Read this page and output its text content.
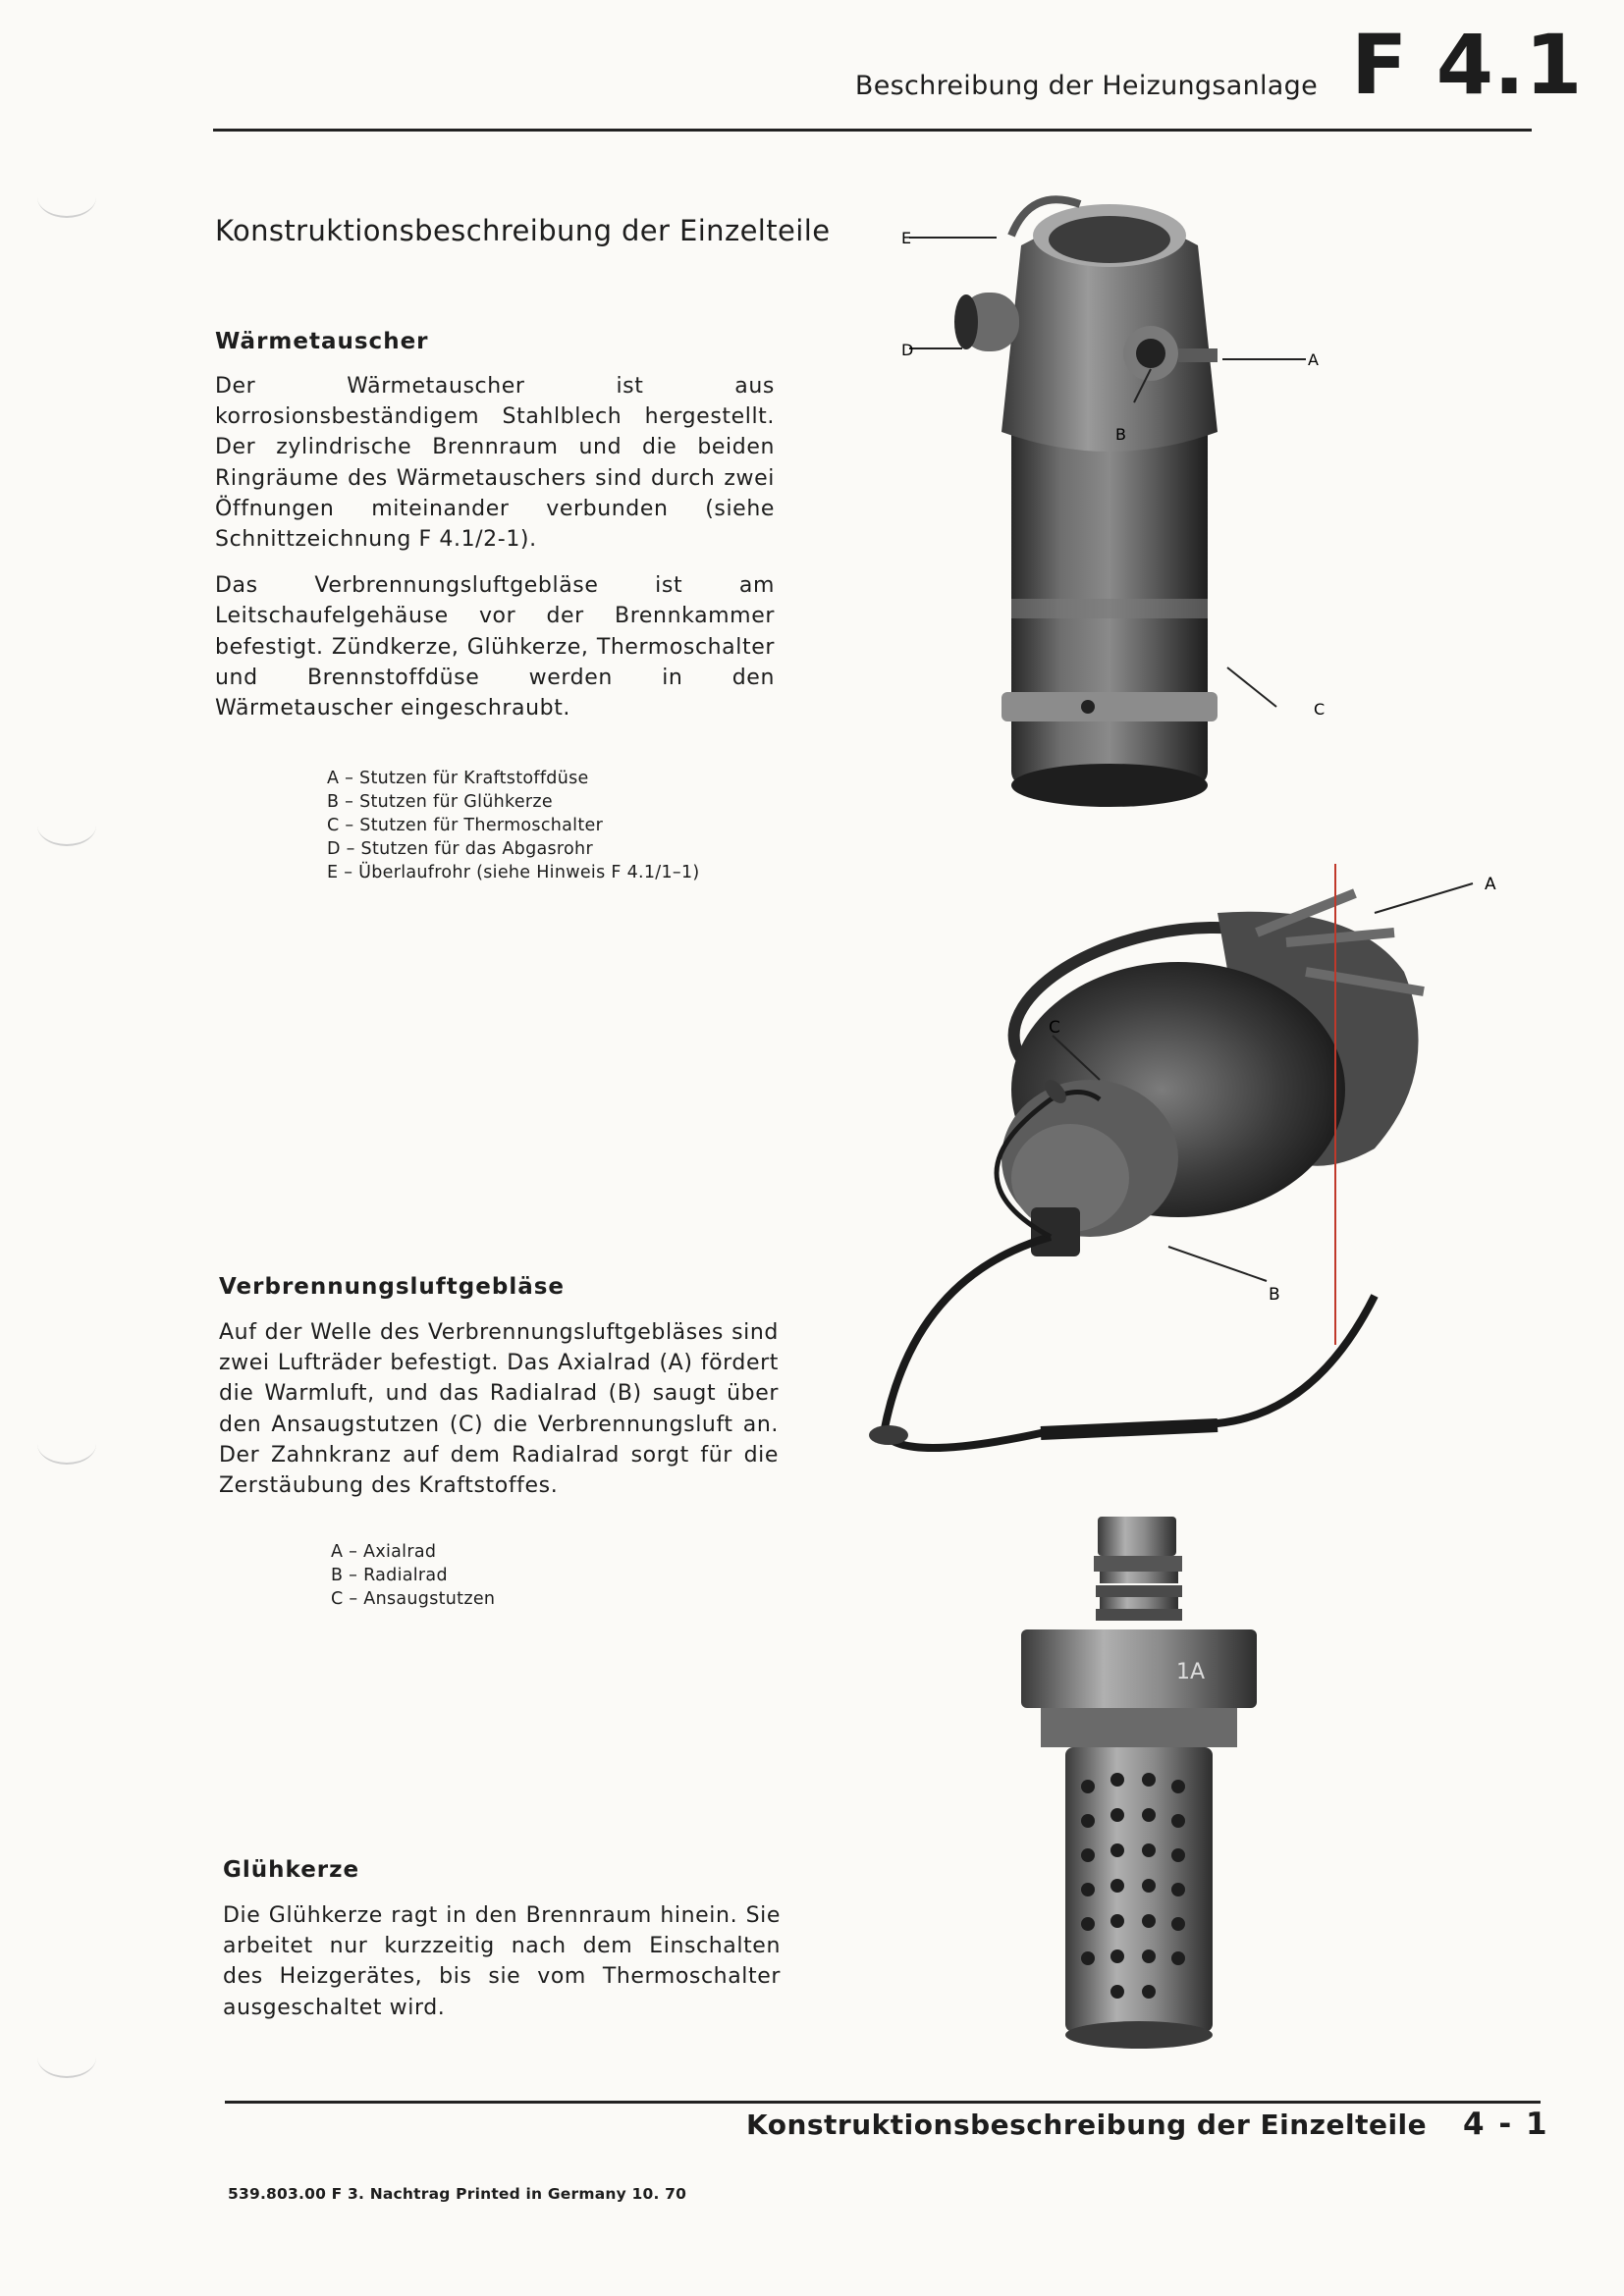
Beschreibung der Heizungsanlage F 4.1
Konstruktionsbeschreibung der Einzelteile
Wärmetauscher

Der Wärmetauscher ist aus korrosionsbeständigem Stahlblech hergestellt. Der zylindrische Brennraum und die beiden Ringräume des Wärmetauschers sind durch zwei Öffnungen miteinander verbunden (siehe Schnittzeichnung F 4.1/2-1).

Das Verbrennungsluftgebläse ist am Leitschaufelgehäuse vor der Brennkammer befestigt. Zündkerze, Glühkerze, Thermoschalter und Brennstoffdüse werden in den Wärmetauscher eingeschraubt.

A – Stutzen für Kraftstoffdüse
B – Stutzen für Glühkerze
C – Stutzen für Thermoschalter
D – Stutzen für das Abgasrohr
E – Überlaufrohr (siehe Hinweis F 4.1/1–1)
E
D
A
B
C
A
C
B
Verbrennungsluftgebläse
Auf der Welle des Verbrennungsluftgebläses sind zwei Lufträder befestigt. Das Axialrad (A) fördert die Warmluft, und das Radialrad (B) saugt über den Ansaugstutzen (C) die Verbrennungsluft an. Der Zahnkranz auf dem Radialrad sorgt für die Zerstäubung des Kraftstoffes.
A – Axialrad
B – Radialrad
C – Ansaugstutzen
1A
Glühkerze
Die Glühkerze ragt in den Brennraum hinein. Sie arbeitet nur kurzzeitig nach dem Einschalten des Heizgerätes, bis sie vom Thermoschalter ausgeschaltet wird.
Konstruktionsbeschreibung der Einzelteile 4 - 1
539.803.00 F 3. Nachtrag Printed in Germany 10. 70
